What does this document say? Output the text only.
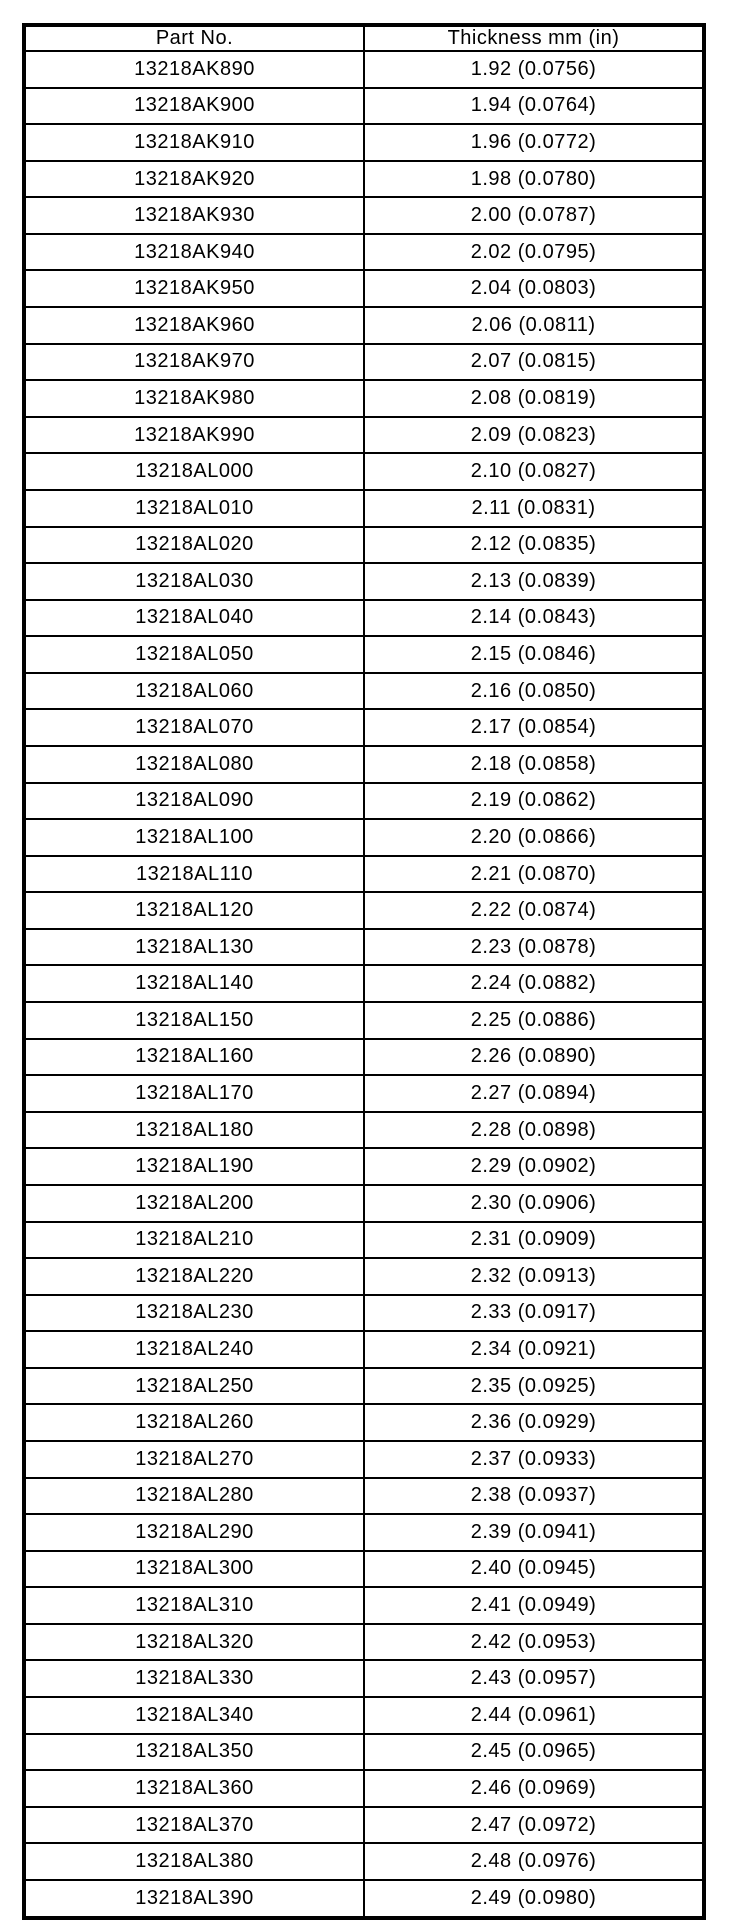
Part No.	Thickness mm (in)
13218AK890	1.92 (0.0756)
13218AK900	1.94 (0.0764)
13218AK910	1.96 (0.0772)
13218AK920	1.98 (0.0780)
13218AK930	2.00 (0.0787)
13218AK940	2.02 (0.0795)
13218AK950	2.04 (0.0803)
13218AK960	2.06 (0.0811)
13218AK970	2.07 (0.0815)
13218AK980	2.08 (0.0819)
13218AK990	2.09 (0.0823)
13218AL000	2.10 (0.0827)
13218AL010	2.11 (0.0831)
13218AL020	2.12 (0.0835)
13218AL030	2.13 (0.0839)
13218AL040	2.14 (0.0843)
13218AL050	2.15 (0.0846)
13218AL060	2.16 (0.0850)
13218AL070	2.17 (0.0854)
13218AL080	2.18 (0.0858)
13218AL090	2.19 (0.0862)
13218AL100	2.20 (0.0866)
13218AL110	2.21 (0.0870)
13218AL120	2.22 (0.0874)
13218AL130	2.23 (0.0878)
13218AL140	2.24 (0.0882)
13218AL150	2.25 (0.0886)
13218AL160	2.26 (0.0890)
13218AL170	2.27 (0.0894)
13218AL180	2.28 (0.0898)
13218AL190	2.29 (0.0902)
13218AL200	2.30 (0.0906)
13218AL210	2.31 (0.0909)
13218AL220	2.32 (0.0913)
13218AL230	2.33 (0.0917)
13218AL240	2.34 (0.0921)
13218AL250	2.35 (0.0925)
13218AL260	2.36 (0.0929)
13218AL270	2.37 (0.0933)
13218AL280	2.38 (0.0937)
13218AL290	2.39 (0.0941)
13218AL300	2.40 (0.0945)
13218AL310	2.41 (0.0949)
13218AL320	2.42 (0.0953)
13218AL330	2.43 (0.0957)
13218AL340	2.44 (0.0961)
13218AL350	2.45 (0.0965)
13218AL360	2.46 (0.0969)
13218AL370	2.47 (0.0972)
13218AL380	2.48 (0.0976)
13218AL390	2.49 (0.0980)
